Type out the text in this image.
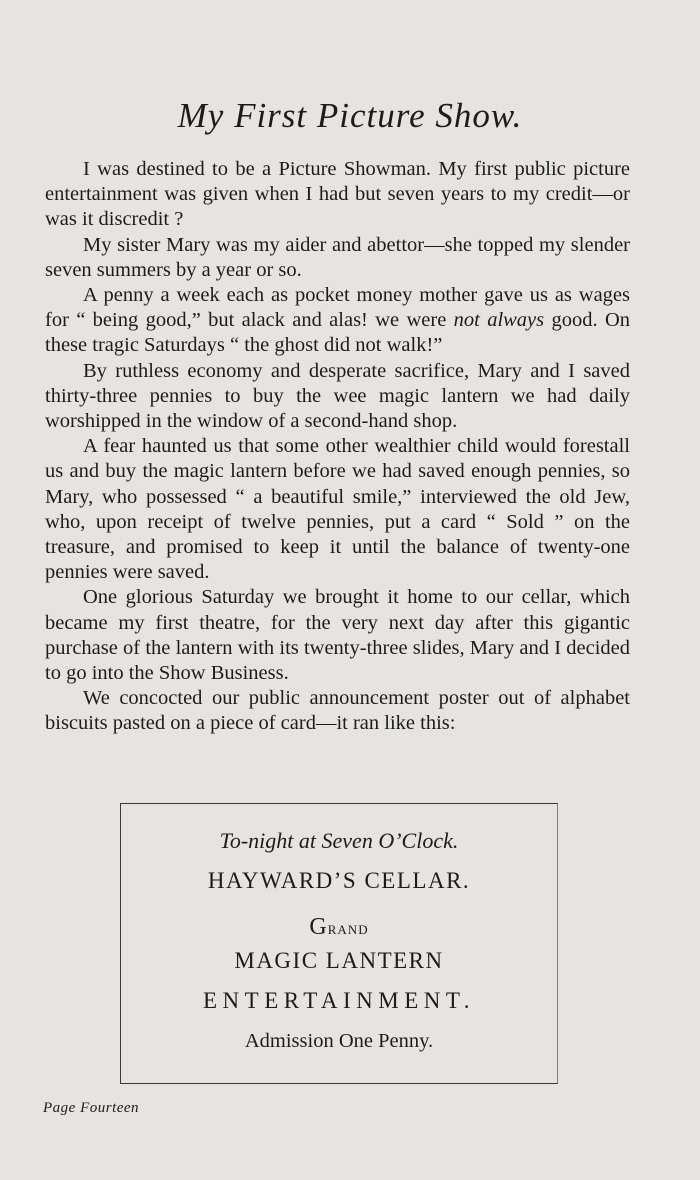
My First Picture Show.

I was destined to be a Picture Showman. My first public picture entertainment was given when I had but seven years to my credit—or was it discredit ?

My sister Mary was my aider and abettor—she topped my slender seven summers by a year or so.

A penny a week each as pocket money mother gave us as wages for “ being good,” but alack and alas! we were not always good. On these tragic Saturdays “ the ghost did not walk!”

By ruthless economy and desperate sacrifice, Mary and I saved thirty-three pennies to buy the wee magic lantern we had daily worshipped in the window of a second-hand shop.

A fear haunted us that some other wealthier child would forestall us and buy the magic lantern before we had saved enough pennies, so Mary, who possessed “ a beautiful smile,” interviewed the old Jew, who, upon receipt of twelve pennies, put a card “ Sold ” on the treasure, and promised to keep it until the balance of twenty-one pennies were saved.

One glorious Saturday we brought it home to our cellar, which became my first theatre, for the very next day after this gigantic purchase of the lantern with its twenty-three slides, Mary and I decided to go into the Show Business.

We concocted our public announcement poster out of alphabet biscuits pasted on a piece of card—it ran like this:

To-night at Seven O’Clock.

HAYWARD’S CELLAR.

Grand

MAGIC LANTERN

ENTERTAINMENT.

Admission One Penny.

Page Fourteen
